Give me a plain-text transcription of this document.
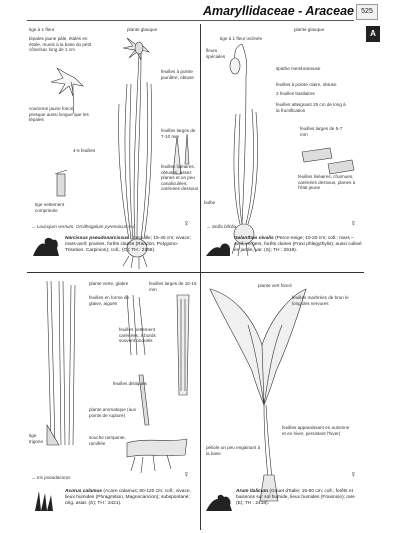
Amaryllidaceae - Araceae	525
A
tige à 1 fleur	plante glauque
tépales jaune pâle, étalés en étoile, munis à la base du petit cône/sac long de 1 cm
feuilles à pointe jaunâtre, obtuse
couronne jaune foncé, presque aussi longue que les tépales
feuilles larges de 7-10 mm
4-6 feuilles
feuilles linéaires, obtuses, assez planes et un peu canaliculées, carénées dessous
tige nettement comprimée
→ Leucojum vernum, Ornithogalum pyrenaicum s.l.	♀
Narcissus pseudonarcissus (Jonquille; 15-40 cm; vivace; mars-avril; prairies, forêts claires (Randon, Polygono-Trisetion, Carpinion); coll.; (O); TH : 2368).
plante glauque
tige à 1 fleur inclinée
fleurs spéciales
spathe membraneuse
feuilles à pointe claire, obtuse
2 feuilles basilaires
feuilles atteignant 25 cm de long à la fructification
feuilles larges de 5-7 mm
feuilles linéaires, charnues, carénées dessous, planes à l'état jeune
bulbe
→ Scilla bifolia	♀
Galanthus nivalis (Perce-neige; 10-20 cm; coll.; mars – avril; vergers, forêts claires (Fraxi phlegythylis); aussi cultivé en jardin, var. (S); TH : 2918).
plante verte, glabre	feuilles larges de 10-15 mm
feuilles en forme de glaive, aiguës
feuilles nettement carénées, à bords souvent ondulés
feuilles distiques
plante aromatique (aux points de rupture)
souche rampante, ramifiée
tige trigone
→ Iris pseudacorus	♀
Acorus calamus (Acore calamus; 60-120 cm; coll.; vivace, lieux humides (Phragmition, Magnocaricion); subspontané; orig. asiat. (S); TH : 2421).
plante vert foncé
feuilles marbrées de brun le long des nervures
pétiole un peu engainant à la base
feuilles apparaissant en automne et en hiver, persistant l'hiver)
♀
Arum italicum (Gouet d'Italie; 15-60 cm; coll.; forêts et buissons sur sol humide, lieux humides (Fraxinion); rare (E); TH : 2418).
